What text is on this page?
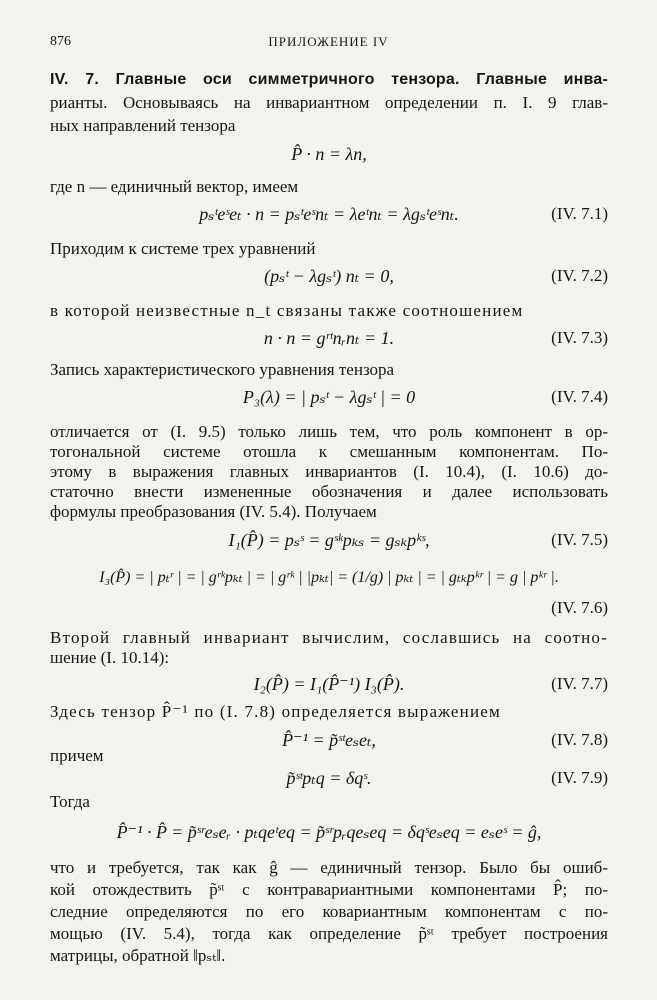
876	ПРИЛОЖЕНИЕ IV
IV. 7. Главные оси симметричного тензора. Главные инва-
рианты. Основываясь на инвариантном определении п. I. 9 глав-
ных направлений тензора
P̂ · n = λn,
где n — единичный вектор, имеем
pₛᵗeˢeₜ · n = pₛᵗeˢnₜ = λeᵗnₜ = λgₛᵗeˢnₜ.	(IV. 7.1)
Приходим к системе трех уравнений
(pₛᵗ − λgₛᵗ) nₜ = 0,	(IV. 7.2)
в которой неизвестные n_t связаны также соотношением
n · n = gʳᵗnᵣnₜ = 1.	(IV. 7.3)
Запись характеристического уравнения тензора
P₃(λ) = | pₛᵗ − λgₛᵗ | = 0	(IV. 7.4)
отличается от (I. 9.5) только лишь тем, что роль компонент в ор-
тогональной системе отошла к смешанным компонентам. По-
этому в выражения главных инвариантов (I. 10.4), (I. 10.6) до-
статочно внести измененные обозначения и далее использовать
формулы преобразования (IV. 5.4). Получаем
I₁(P̂) = pₛˢ = gˢᵏpₖₛ = gₛₖpᵏˢ,	(IV. 7.5)
I₃(P̂) = | pₜʳ | = | gʳᵏpₖₜ | = | gʳᵏ | |pₖₜ| = (1/g) | pₖₜ | = | gₜₖpᵏʳ | = g | pᵏʳ |.
(IV. 7.6)
Второй главный инвариант вычислим, сославшись на соотно-
шение (I. 10.14):
I₂(P̂) = I₁(P̂⁻¹) I₃(P̂).	(IV. 7.7)
Здесь тензор P̂⁻¹ по (I. 7.8) определяется выражением
P̂⁻¹ = p̃ˢᵗeₛeₜ,	(IV. 7.8)
причем
p̃ˢᵗpₜq = δqˢ.	(IV. 7.9)
Тогда
P̂⁻¹ · P̂ = p̃ˢʳeₛeᵣ · pₜqeᵗeq = p̃ˢʳpᵣqeₛeq = δqˢeₛeq = eₛeˢ = ĝ,
что и требуется, так как ĝ — единичный тензор. Было бы ошиб-
кой отождествить p̃ˢᵗ с контравариантными компонентами P̂; по-
следние определяются по его ковариантным компонентам с по-
мощью (IV. 5.4), тогда как определение p̃ˢᵗ требует построения
матрицы, обратной ‖pₛₜ‖.
